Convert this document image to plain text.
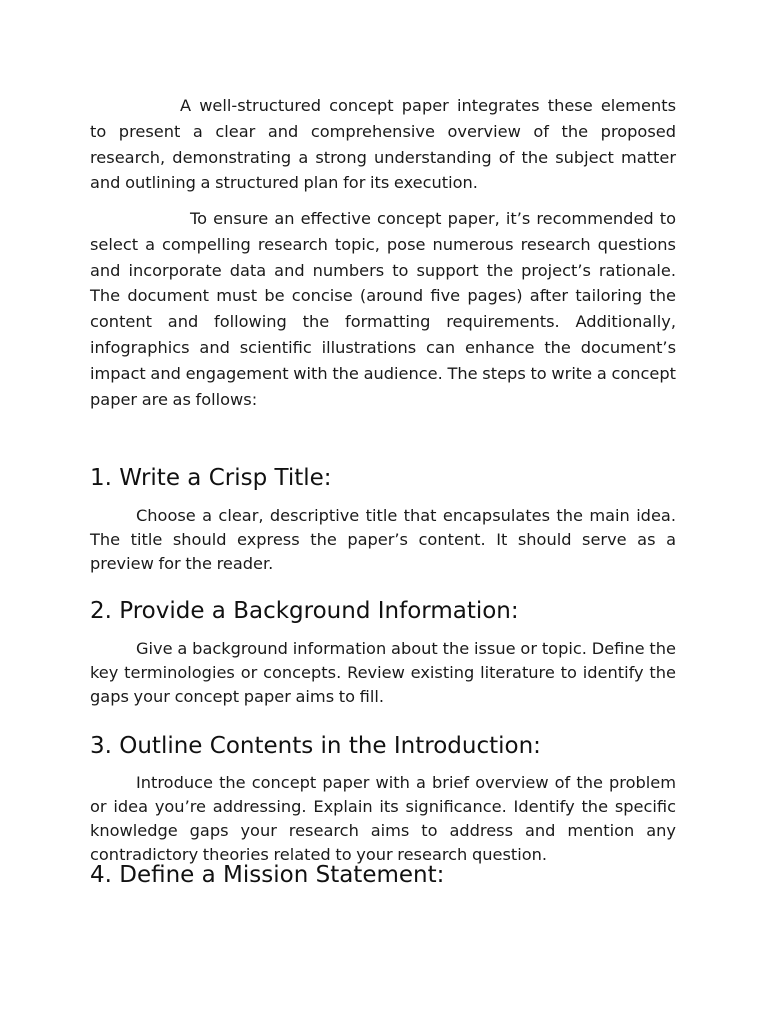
A well-structured concept paper integrates these elements to present a clear and comprehensive overview of the proposed research, demonstrating a strong understanding of the subject matter and outlining a structured plan for its execution.

To ensure an effective concept paper, it’s recommended to select a compelling research topic, pose numerous research questions and incorporate data and numbers to support the project’s rationale. The document must be concise (around five pages) after tailoring the content and following the formatting requirements. Additionally, infographics and scientific illustrations can enhance the document’s impact and engagement with the audience. The steps to write a concept paper are as follows:

1. Write a Crisp Title:

Choose a clear, descriptive title that encapsulates the main idea. The title should express the paper’s content. It should serve as a preview for the reader.

2. Provide a Background Information:

Give a background information about the issue or topic. Define the key terminologies or concepts. Review existing literature to identify the gaps your concept paper aims to fill.

3. Outline Contents in the Introduction:

Introduce the concept paper with a brief overview of the problem or idea you’re addressing. Explain its significance. Identify the specific knowledge gaps your research aims to address and mention any contradictory theories related to your research question.

4. Define a Mission Statement:
